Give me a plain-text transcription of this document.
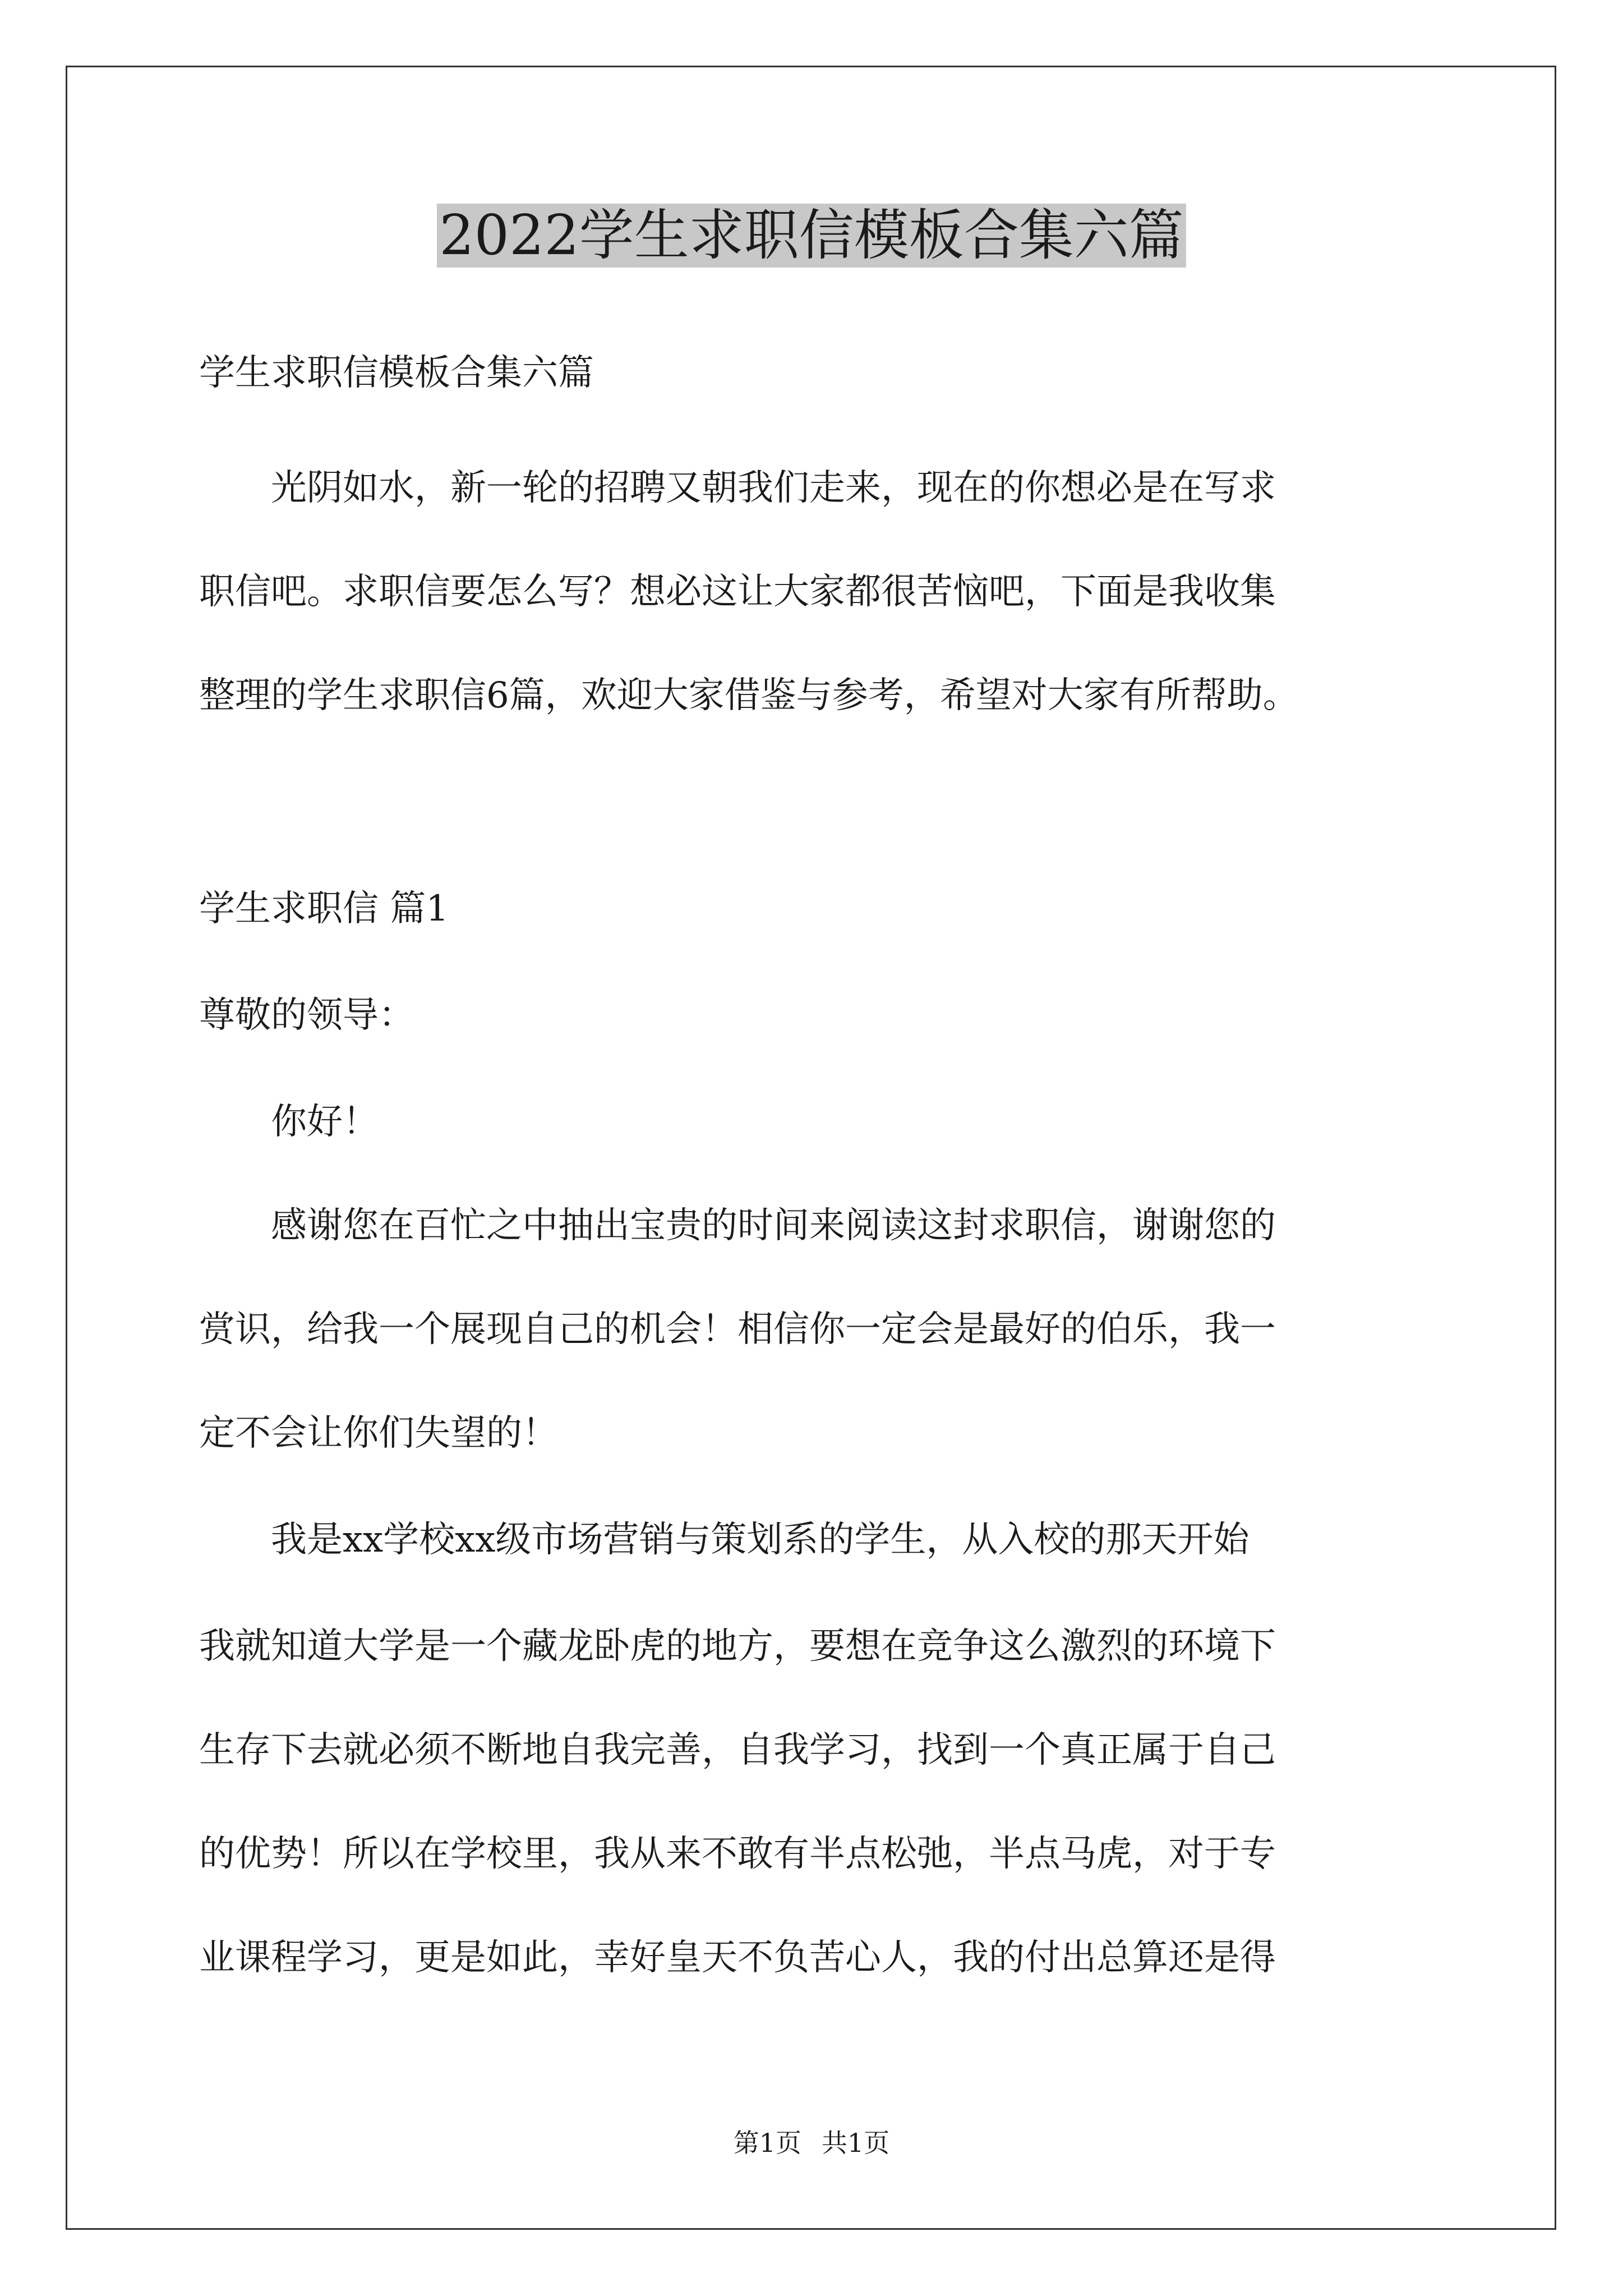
2022学生求职信模板合集六篇

学生求职信模板合集六篇

　　光阴如水，新一轮的招聘又朝我们走来，现在的你想必是在写求

职信吧。求职信要怎么写？想必这让大家都很苦恼吧，下面是我收集

整理的学生求职信6篇，欢迎大家借鉴与参考，希望对大家有所帮助。

学生求职信 篇1

尊敬的领导：

　　你好！

　　感谢您在百忙之中抽出宝贵的时间来阅读这封求职信，谢谢您的

赏识，给我一个展现自己的机会！相信你一定会是最好的伯乐，我一

定不会让你们失望的！

　　我是xx学校xx级市场营销与策划系的学生，从入校的那天开始

我就知道大学是一个藏龙卧虎的地方，要想在竞争这么激烈的环境下

生存下去就必须不断地自我完善，自我学习，找到一个真正属于自己

的优势！所以在学校里，我从来不敢有半点松弛，半点马虎，对于专

业课程学习，更是如此，幸好皇天不负苦心人，我的付出总算还是得

第1页 共1页
